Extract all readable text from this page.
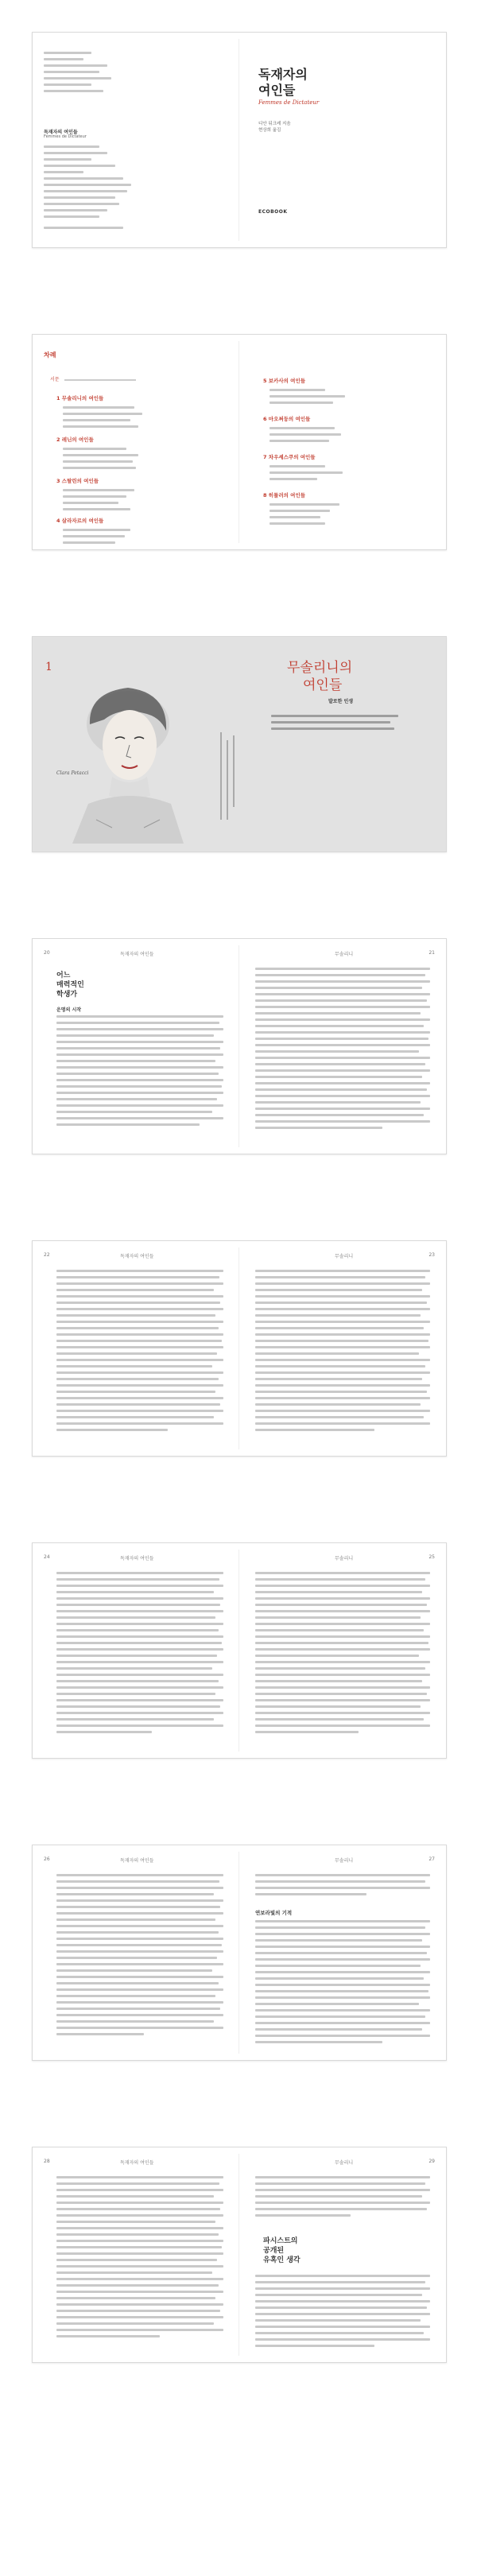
독재자의 여인들
Femmes de Dictateur
독재자의
여인들
Femmes de Dictateur
디안 뒤크레 지음
현상희 옮김
ECOBOOK
차례
서문
1 무솔리니의 여인들
2 레닌의 여인들
3 스탈린의 여인들
4 살라자르의 여인들
5 보카사의 여인들
6 마오쩌둥의 여인들
7 차우셰스쿠의 여인들
8 히틀러의 여인들
1
Clara Petacci
무솔리니의
여인들
발로한 인생
20	독재자의 여인들	무솔리니	21
어느
매력적인
학생가
운명의 시작
22	독재자의 여인들	무솔리니	23
24	독재자의 여인들	무솔리니	25
26	독재자의 여인들	무솔리니	27
연보라빛의 기적
28	독재자의 여인들	무솔리니	29
파시스트의
공개된
유혹인 생각
